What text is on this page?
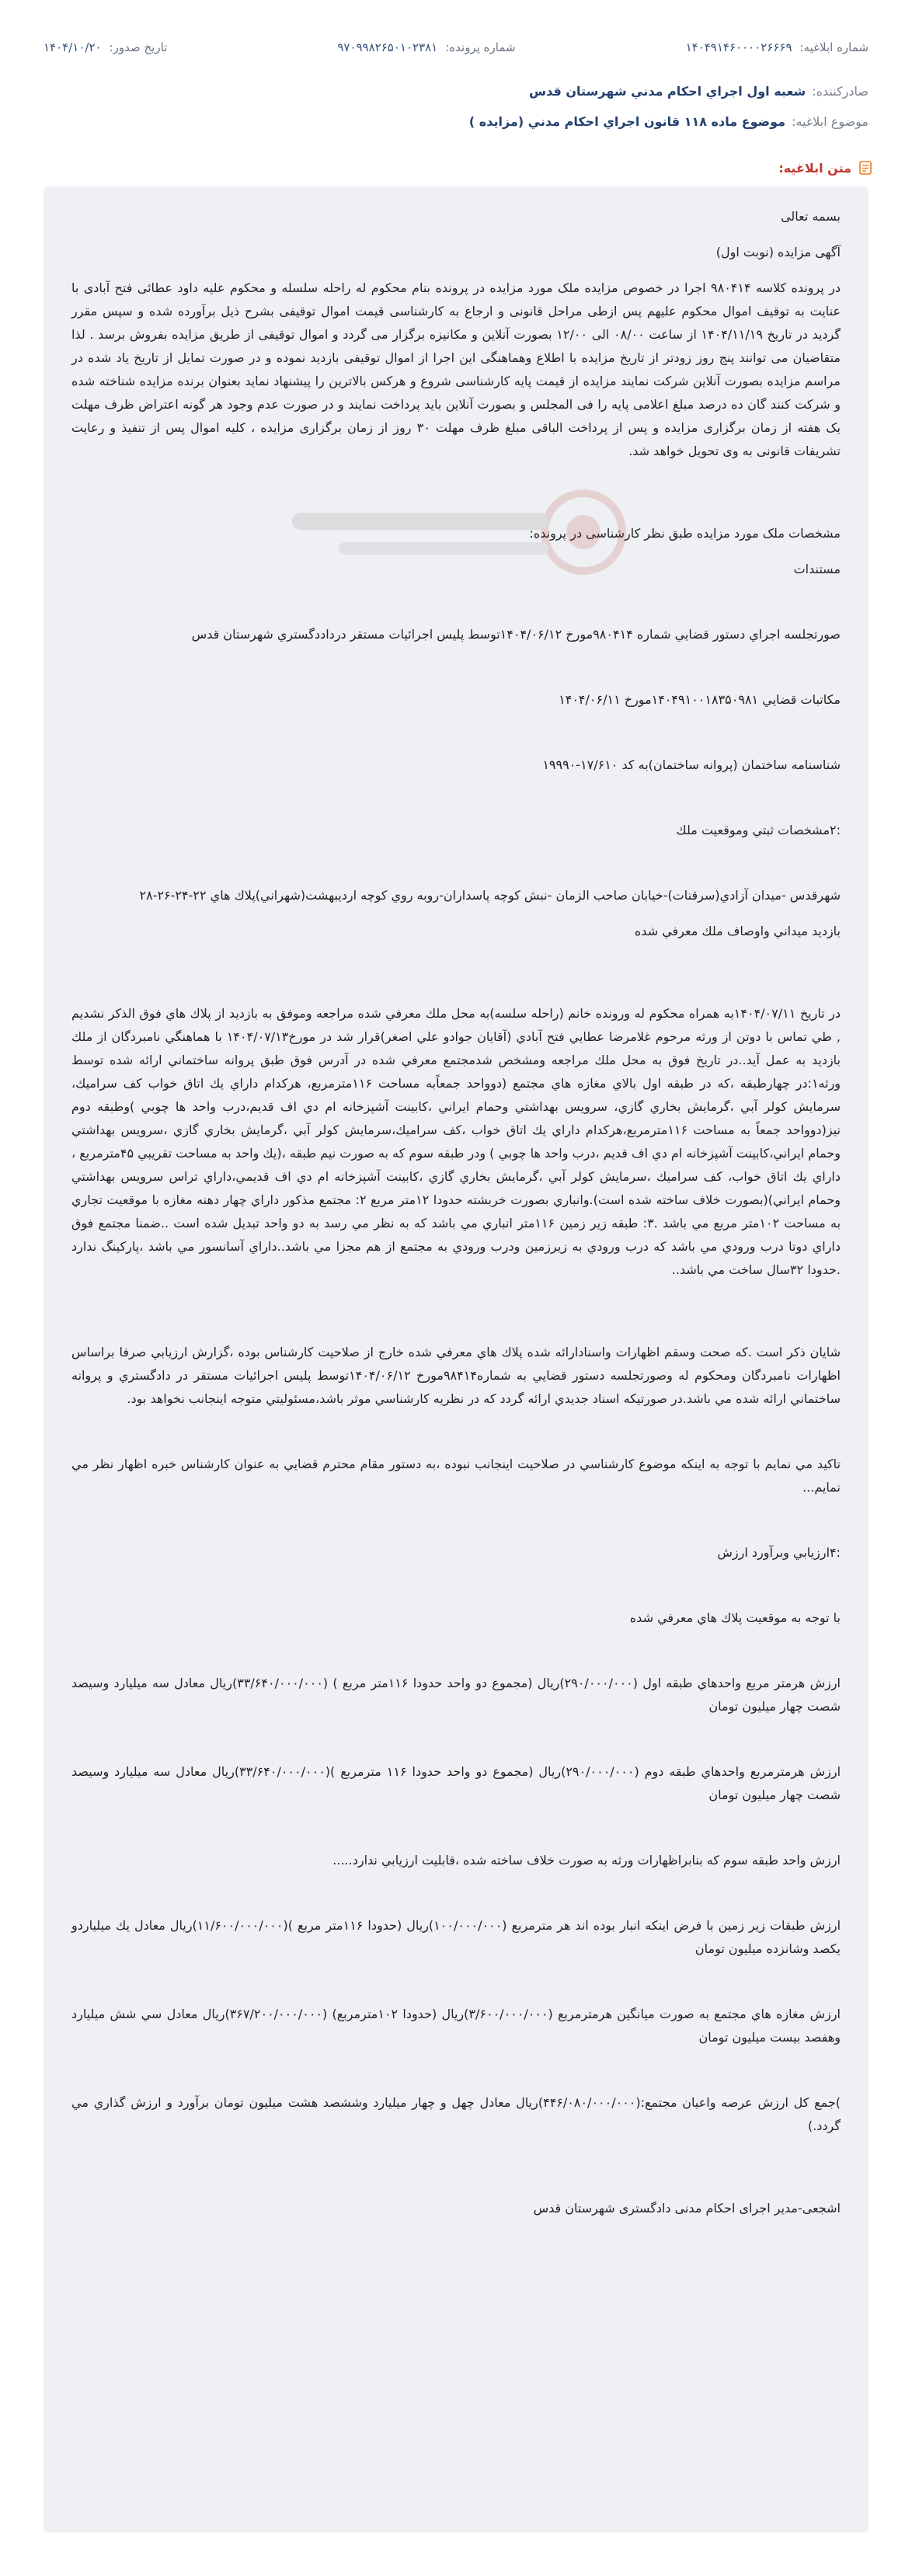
شماره ابلاغیه:
۱۴۰۴۹۱۴۶۰۰۰۰۲۶۶۶۹
شماره پرونده:
۹۷۰۹۹۸۲۶۵۰۱۰۲۳۸۱
تاریخ صدور:
۱۴۰۴/۱۰/۲۰
صادرکننده:
شعبه اول اجراي احكام مدني شهرستان قدس
موضوع ابلاغیه:
موضوع ماده ۱۱۸ قانون اجراي احكام مدني (مزايده )
متن ابلاغیه:

بسمه تعالی

آگهی مزایده (نوبت اول)

در پرونده کلاسه ۹۸۰۴۱۴ اجرا در خصوص مزایده ملک مورد مزایده در پرونده بنام محکوم له راحله سلسله و محکوم علیه داود عطائی فتح آبادی با عنایت به توقیف اموال محکوم علیهم پس ازطی مراحل قانونی و ارجاع به کارشناسی قیمت اموال توقیفی بشرح ذیل برآورده شده و سپس مقرر گردید در تاریخ ۱۴۰۴/۱۱/۱۹ از ساعت ۰۸/۰۰ الی ۱۲/۰۰ بصورت آنلاین و مکانیزه برگزار می گردد و اموال توقیفی از طریق مزایده بفروش برسد . لذا متقاضیان می توانند پنج روز زودتر از تاریخ مزایده با اطلاع وهماهنگی این اجرا از اموال توقیفی بازدید نموده و در صورت تمایل از تاریخ یاد شده در مراسم مزایده بصورت آنلاین شرکت نمایند مزایده از قیمت پایه کارشناسی شروع و هرکس بالاترین را پیشنهاد نماید بعنوان برنده مزایده شناخته شده و شرکت کنند گان ده درصد مبلغ اعلامی پایه را فی المجلس و بصورت آنلاین باید پرداخت نمایند و در صورت عدم وجود هر گونه اعتراض ظرف مهلت یک هفته از زمان برگزاری مزایده و پس از پرداخت الباقی مبلغ ظرف مهلت ۳۰ روز از زمان برگزاری مزایده ، کلیه اموال پس از تنفیذ و رعایت تشریفات قانونی به وی تحویل خواهد شد.

مشخصات ملک مورد مزایده طبق نظر کارشناسی در پرونده:

مستندات

صورتجلسه اجراي دستور قضايي شماره ۹۸۰۴۱۴مورخ ۱۴۰۴/۰۶/۱۲توسط پليس اجرائيات مستقر درداددگستري شهرستان قدس

مکاتبات قضايي ۱۴۰۴۹۱۰۰۱۸۳۵۰۹۸۱مورخ ۱۴۰۴/۰۶/۱۱

شناسنامه ساختمان (پروانه ساختمان)به کد ۱۷/۶۱۰-۱۹۹۹۰

:۲مشخصات ثبتي وموقعيت ملك

شهرقدس -ميدان آزادي(سرقنات)-خيابان صاحب الزمان -نبش كوچه پاسداران-روبه روي كوچه ارديبهشت(شهراني)پلاك هاي ۲۲-۲۴-۲۶-۲۸

بازديد ميداني واوصاف ملك معرفي شده

در تاریخ ۱۴۰۴/۰۷/۱۱به همراه محكوم له ورونده خانم (راحله سلسه)به محل ملك معرفي شده مراجعه وموفق به بازديد از پلاك هاي فوق الذكر نشديم , طي تماس با دوتن از ورثه مرحوم غلامرضا عطایي فتح آبادي (آقايان جوادو علي اصغر)قرار شد در مورخ۱۴۰۴/۰۷/۱۳ با هماهنگي نامبردگان از ملك بازديد به عمل آيد..در تاريخ فوق به محل ملك مراجعه ومشخص شدمجتمع معرفي شده در آدرس فوق طبق پروانه ساختماني ارائه شده توسط ورثه۱:در چهارطبقه ،كه در طبقه اول بالاي مغازه هاي مجتمع (دوواحد جمعاًبه مساحت ۱۱۶مترمربع، هركدام داراي يك اتاق خواب كف سراميك، سرمايش كولر آبي ،گرمايش بخاري گازي، سرويس بهداشتي وحمام ايراني ،كابينت آشپزخانه ام دي اف قديم،درب واحد ها چوبي )وطبقه دوم نيز(دوواحد جمعاً به مساحت ۱۱۶مترمربع،هركدام داراي يك اتاق خواب ،كف سراميك،سرمايش كولر آبي ،گرمايش بخاري گازي ،سرويس بهداشتي وحمام ايراني،كابينت آشپزخانه ام دي اف قديم ،درب واحد ها چوبي ) ودر طبقه سوم كه به صورت نيم طبقه ،(يك واحد به مساحت تقريبي ۴۵مترمربع ، داراي يك اتاق خواب، كف سراميك ،سرمايش كولر آبي ،گرمايش بخاري گازي ،كابينت آشپزخانه ام دي اف قديمي،داراي تراس سرويس بهداشتي وحمام ايراني)(بصورت خلاف ساخته شده است).وانباري بصورت خربشته حدودا ۱۲متر مربع ۲: مجتمع مذكور داراي چهار دهنه مغازه با موقعيت تجاري به مساحت ۱۰۲متر مربع مي باشد .۳: طبقه زير زمين ۱۱۶متر انباري مي باشد كه به نظر مي رسد به دو واحد تبديل شده است ..ضمنا مجتمع فوق داراي دوتا درب ورودي مي باشد كه درب ورودي به زيرزمين ودرب ورودي به مجتمع از هم مجزا مي باشد..داراي آسانسور مي باشد ،پاركينگ ندارد .حدودا ۳۲سال ساخت مي باشد..

شايان ذكر است .كه صحت وسقم اظهارات واسناد‌ارائه شده پلاك هاي معرفي شده خارج از صلاحيت كارشناس بوده ،گزارش ارزيابي صرفا براساس اظهارات نامبردگان ومحكوم له وصورتجلسه دستور قضايي به شماره۹۸۴۱۴مورخ ۱۴۰۴/۰۶/۱۲توسط پليس اجرائيات مستقر در دادگستري و پروانه ساختماني ارائه شده مي باشد.در صورتيكه اسناد جديدي ارائه گردد كه در نظريه كارشناسي موثر باشد،مسئوليتي متوجه اينجانب نخواهد بود.

تاكيد مي نمايم با توجه به اينكه موضوع كارشناسي در صلاحيت اينجانب نبوده ،به دستور مقام محترم قضايي به عنوان كارشناس خبره اظهار نظر مي نمايم...

:۴ارزيابي وبرآورد ارزش

با توجه به موقعيت پلاك هاي معرفي شده

ارزش هرمتر مربع واحدهاي طبقه اول (۲۹۰/۰۰۰/۰۰۰)ريال (مجموع دو واحد حدودا ۱۱۶متر مربع ) (۳۳/۶۴۰/۰۰۰/۰۰۰)ريال معادل سه ميليارد وسيصد شصت چهار ميليون تومان

ارزش هرمترمربع واحدهاي طبقه دوم (۲۹۰/۰۰۰/۰۰۰)ريال (مجموع دو واحد حدودا ۱۱۶ مترمربع )(۳۳/۶۴۰/۰۰۰/۰۰۰)ريال معادل سه ميليارد وسيصد شصت چهار ميليون تومان

ارزش واحد طبقه سوم كه بنابراظهارات ورثه به صورت خلاف ساخته شده ،قابليت ارزيابي ندارد.....

ارزش طبقات زير زمين با فرض اينكه انبار بوده اند هر مترمربع (۱۰۰/۰۰۰/۰۰۰)ريال (حدودا ۱۱۶متر مربع )(۱۱/۶۰۰/۰۰۰/۰۰۰)ريال معادل يك ميلياردو يكصد وشانزده ميليون تومان

ارزش مغازه هاي مجتمع به صورت ميانگين هرمترمربع (۳/۶۰۰/۰۰۰/۰۰۰)ريال (حدودا ۱۰۲مترمربع) (۳۶۷/۲۰۰/۰۰۰/۰۰۰)ريال معادل سي شش ميليارد وهفصد بيست ميليون تومان

)جمع كل ارزش عرصه واعيان مجتمع:(۴۴۶/۰۸۰/۰۰۰/۰۰۰)ريال معادل چهل و چهار ميليارد وششصد هشت ميليون تومان برآورد و ارزش گذاري مي گردد.)

اشجعی-مدیر اجرای احکام مدنی دادگستری شهرستان قدس
